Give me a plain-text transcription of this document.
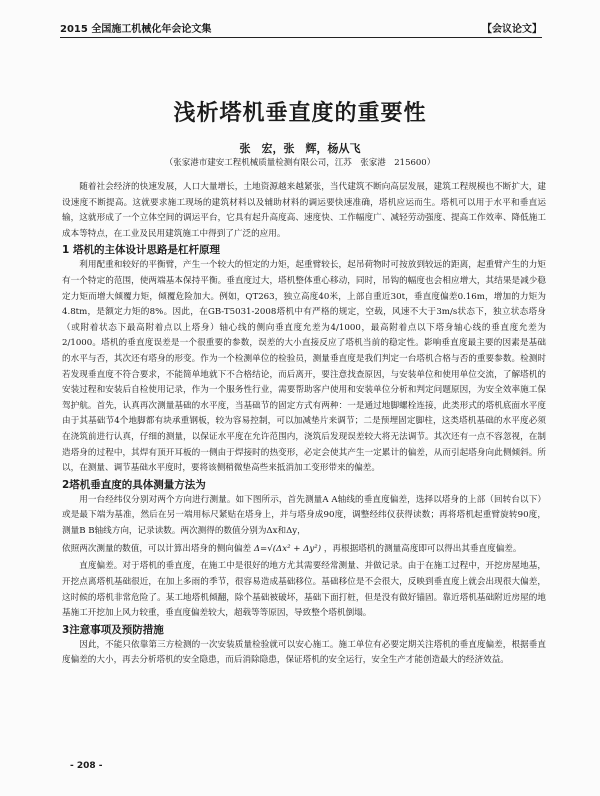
2015 全国施工机械化年会论文集	【会议论文】
浅析塔机垂直度的重要性
张　宏，张　辉，杨从飞
（张家港市建安工程机械质量检测有限公司，江苏　张家港　215600）

随着社会经济的快速发展，人口大量增长，土地资源越来越紧张，当代建筑不断向高层发展，建筑工程规模也不断扩大，建设速度不断提高。这就要求施工现场的建筑材料以及辅助材料的调运要快速准确，塔机应运而生。塔机可以用于水平和垂直运输，这就形成了一个立体空间的调运平台，它具有起升高度高、速度快、工作幅度广、减轻劳动强度、提高工作效率、降低施工成本等特点，在工业及民用建筑施工中得到了广泛的应用。

1 塔机的主体设计思路是杠杆原理

利用配重和较好的平衡臂，产生一个较大的恒定的力矩，起重臂较长，起吊荷物时可按放到较远的距离，起重臂产生的力矩有一个特定的范围，使两端基本保持平衡。垂直度过大，塔机整体重心移动，同时，吊钩的幅度也会相应增大，其结果是减少稳定力矩而增大倾覆力矩，倾覆危险加大。例如，QT263，独立高度40米，上部自重近30t，垂直度偏差0.16m，增加的力矩为4.8tm，是额定力矩的8%。因此，在GB-T5031-2008塔机中有严格的规定，空载，风速不大于3m/s状态下，独立状态塔身（或附着状态下最高附着点以上塔身）轴心线的侧向垂直度允差为4/1000，最高附着点以下塔身轴心线的垂直度允差为2/1000。塔机的垂直度误差是一个很重要的参数，误差的大小直接反应了塔机当前的稳定性。影响垂直度最主要的因素是基础的水平与否，其次还有塔身的形变。作为一个检测单位的检验员，测量垂直度是我们判定一台塔机合格与否的重要参数。检测时若发现垂直度不符合要求，不能简单地就下不合格结论，而后离开，要注意找查原因，与安装单位和使用单位交流，了解塔机的安装过程和安装后自检使用记录，作为一个服务性行业，需要帮助客户使用和安装单位分析和判定问题原因，为安全效率施工保驾护航。首先，认真再次测量基础的水平度，当基础节的固定方式有两种：一是通过地脚螺栓连接，此类形式的塔机底面水平度由于其基础节4个地脚都有块承重钢板，较为容易控制，可以加减垫片来调节；二是预埋固定脚柱，这类塔机基础的水平度必须在浇筑前进行认真，仔细的测量，以保证水平度在允许范围内，浇筑后发现误差较大将无法调节。其次还有一点不容忽视，在制造塔身的过程中，其焊有顶开耳板的一侧由于焊接时的热变形，必定会使其产生一定累计的偏差，从而引起塔身向此侧倾斜。所以，在测量、调节基础水平度时，要将该侧稍微垫高些来抵消加工变形带来的偏差。

2塔机垂直度的具体测量方法为

用一台经纬仪分别对两个方向进行测量。如下图所示，首先测量A A轴线的垂直度偏差，选择以塔身的上部（回转台以下）或是最下端为基准，然后在另一端用标尺紧贴在塔身上，并与塔身成90度，调整经纬仪获得读数；再将塔机起重臂旋转90度，测量B B轴线方向，记录读数。两次测得的数值分别为Δx和Δy，

依照两次测量的数值，可以计算出塔身的侧向偏差 Δ=√(Δx² + Δy²) ，再根据塔机的测量高度即可以得出其垂直度偏差。

直度偏差。对于塔机的垂直度，在施工中是很好的地方尤其需要经常测量、并做记录。由于在施工过程中，开挖房屋地基，开挖点离塔机基础很近，在加上多雨的季节，很容易造成基础移位。基础移位是不会很大，反映到垂直度上就会出现很大偏差，这时候的塔机非常危险了。某工地塔机倾翻，除个基础被破坏，基础下面打桩，但是没有做好锚固。靠近塔机基础附近房屋的地基施工开挖加上风力较重，垂直度偏差较大，超载等等原因，导致整个塔机倒塌。

3注意事项及预防措施

因此，不能只依靠第三方检测的一次安装质量检验就可以安心施工。施工单位有必要定期关注塔机的垂直度偏差，根据垂直度偏差的大小，再去分析塔机的安全隐患，而后消除隐患，保证塔机的安全运行，安全生产才能创造最大的经济效益。

- 208 -
